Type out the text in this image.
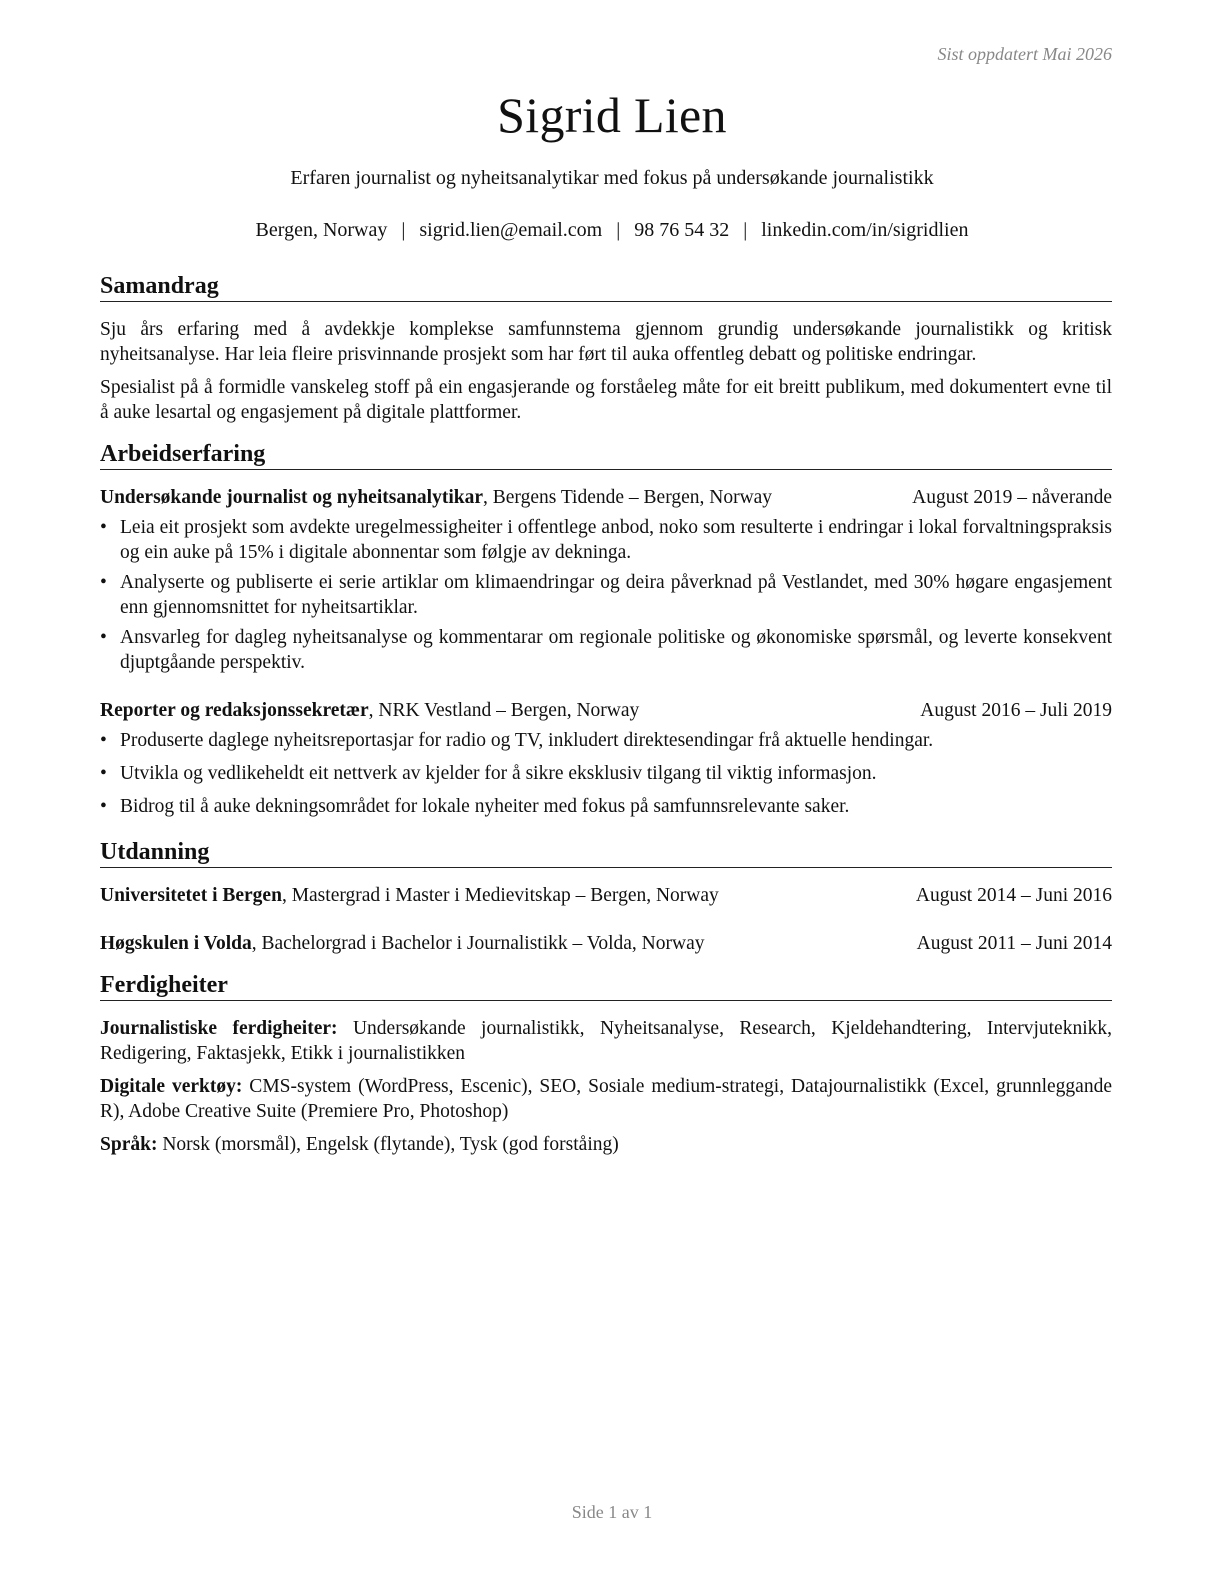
Sist oppdatert Mai 2026
Sigrid Lien
Erfaren journalist og nyheitsanalytikar med fokus på undersøkande journalistikk
Bergen, Norway | sigrid.lien@email.com | 98 76 54 32 | linkedin.com/in/sigridlien
Samandrag

Sju års erfaring med å avdekkje komplekse samfunnstema gjennom grundig undersøkande journalistikk og kritisk nyheitsanalyse. Har leia fleire prisvinnande prosjekt som har ført til auka offentleg debatt og politiske endringar.

Spesialist på å formidle vanskeleg stoff på ein engasjerande og forståeleg måte for eit breitt publikum, med dokumentert evne til å auke lesartal og engasjement på digitale plattformer.

Arbeidserfaring
Undersøkande journalist og nyheitsanalytikar, Bergens Tidende – Bergen, Norway	August 2019 – nåverande
• Leia eit prosjekt som avdekte uregelmessigheiter i offentlege anbod, noko som resulterte i endringar i lokal forvaltningspraksis og ein auke på 15% i digitale abonnentar som følgje av dekninga.
• Analyserte og publiserte ei serie artiklar om klimaendringar og deira påverknad på Vestlandet, med 30% høgare engasjement enn gjennomsnittet for nyheitsartiklar.
• Ansvarleg for dagleg nyheitsanalyse og kommentarar om regionale politiske og økonomiske spørsmål, og leverte konsekvent djuptgåande perspektiv.
Reporter og redaksjonssekretær, NRK Vestland – Bergen, Norway	August 2016 – Juli 2019
• Produserte daglege nyheitsreportasjar for radio og TV, inkludert direktesendingar frå aktuelle hendingar.
• Utvikla og vedlikeheldt eit nettverk av kjelder for å sikre eksklusiv tilgang til viktig informasjon.
• Bidrog til å auke dekningsområdet for lokale nyheiter med fokus på samfunnsrelevante saker.
Utdanning
Universitetet i Bergen, Mastergrad i Master i Medievitskap – Bergen, Norway	August 2014 – Juni 2016
Høgskulen i Volda, Bachelorgrad i Bachelor i Journalistikk – Volda, Norway	August 2011 – Juni 2014
Ferdigheiter

Journalistiske ferdigheiter: Undersøkande journalistikk, Nyheitsanalyse, Research, Kjeldehandtering, Intervjuteknikk, Redigering, Faktasjekk, Etikk i journalistikken

Digitale verktøy: CMS-system (WordPress, Escenic), SEO, Sosiale medium-strategi, Datajournalistikk (Excel, grunnleggande R), Adobe Creative Suite (Premiere Pro, Photoshop)

Språk: Norsk (morsmål), Engelsk (flytande), Tysk (god forståing)

Side 1 av 1
